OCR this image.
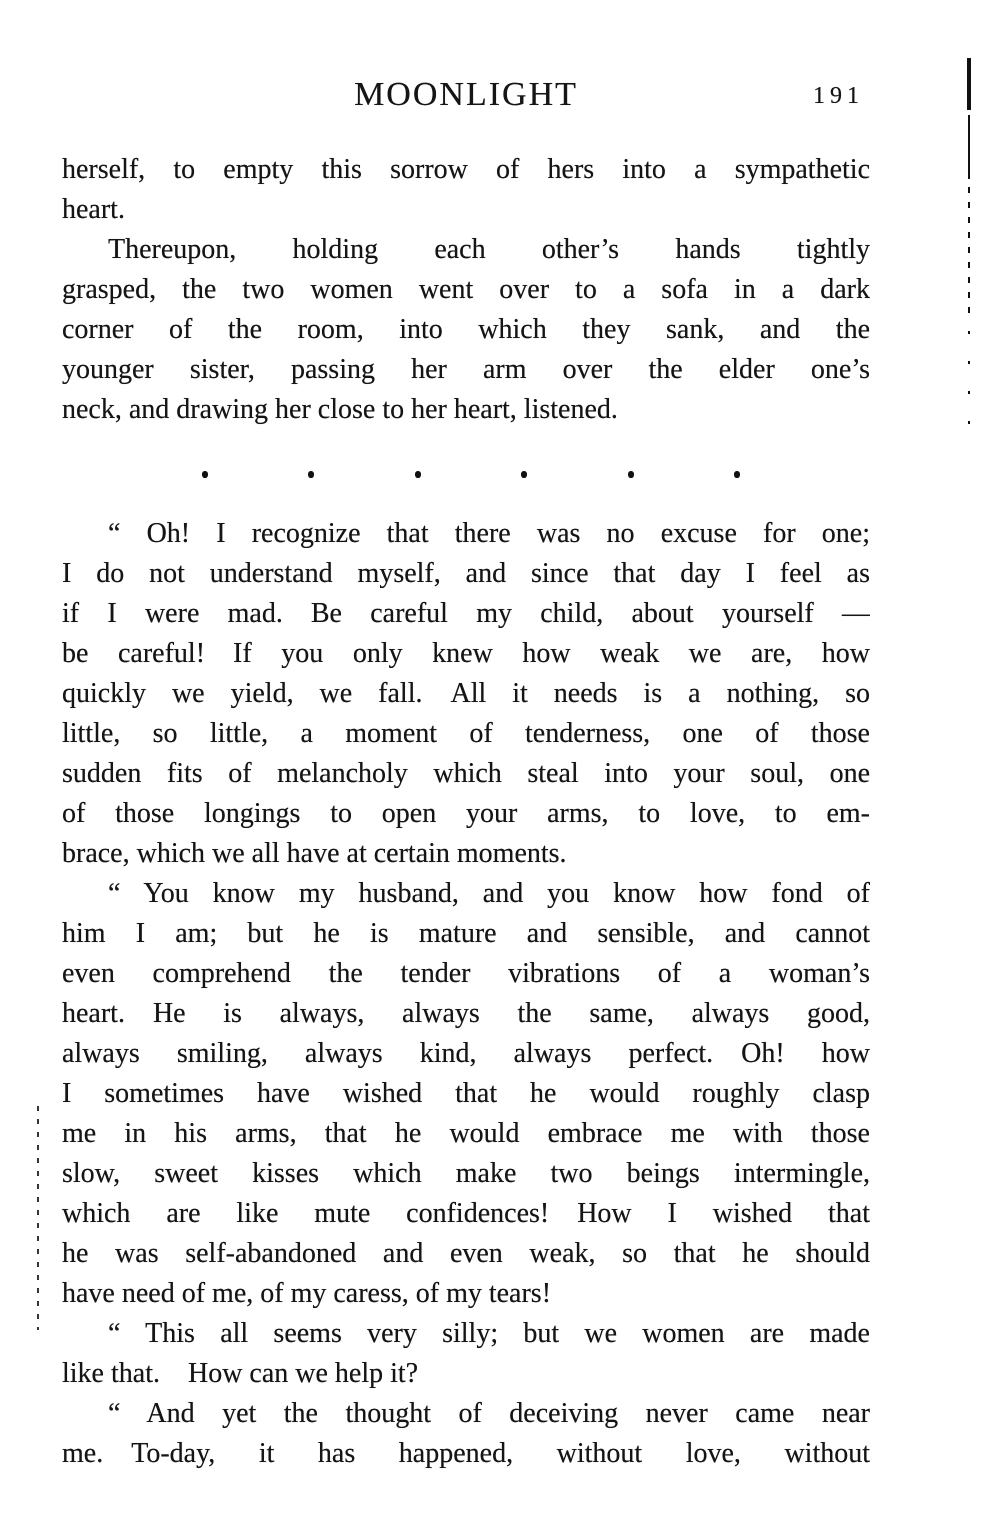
MOONLIGHT	191
herself, to empty this sorrow of hers into a sympathetic
heart.
Thereupon, holding each other’s hands tightly
grasped, the two women went over to a sofa in a dark
corner of the room, into which they sank, and the
younger sister, passing her arm over the elder one’s
neck, and drawing her close to her heart, listened.
“ Oh! I recognize that there was no excuse for one;
I do not understand myself, and since that day I feel as
if I were mad. Be careful my child, about yourself —
be careful! If you only knew how weak we are, how
quickly we yield, we fall. All it needs is a nothing, so
little, so little, a moment of tenderness, one of those
sudden fits of melancholy which steal into your soul, one
of those longings to open your arms, to love, to em-
brace, which we all have at certain moments.
“ You know my husband, and you know how fond of
him I am; but he is mature and sensible, and cannot
even comprehend the tender vibrations of a woman’s
heart. He is always, always the same, always good,
always smiling, always kind, always perfect. Oh! how
I sometimes have wished that he would roughly clasp
me in his arms, that he would embrace me with those
slow, sweet kisses which make two beings intermingle,
which are like mute confidences! How I wished that
he was self-abandoned and even weak, so that he should
have need of me, of my caress, of my tears!
“ This all seems very silly; but we women are made
like that. How can we help it?
“ And yet the thought of deceiving never came near
me. To-day, it has happened, without love, without
